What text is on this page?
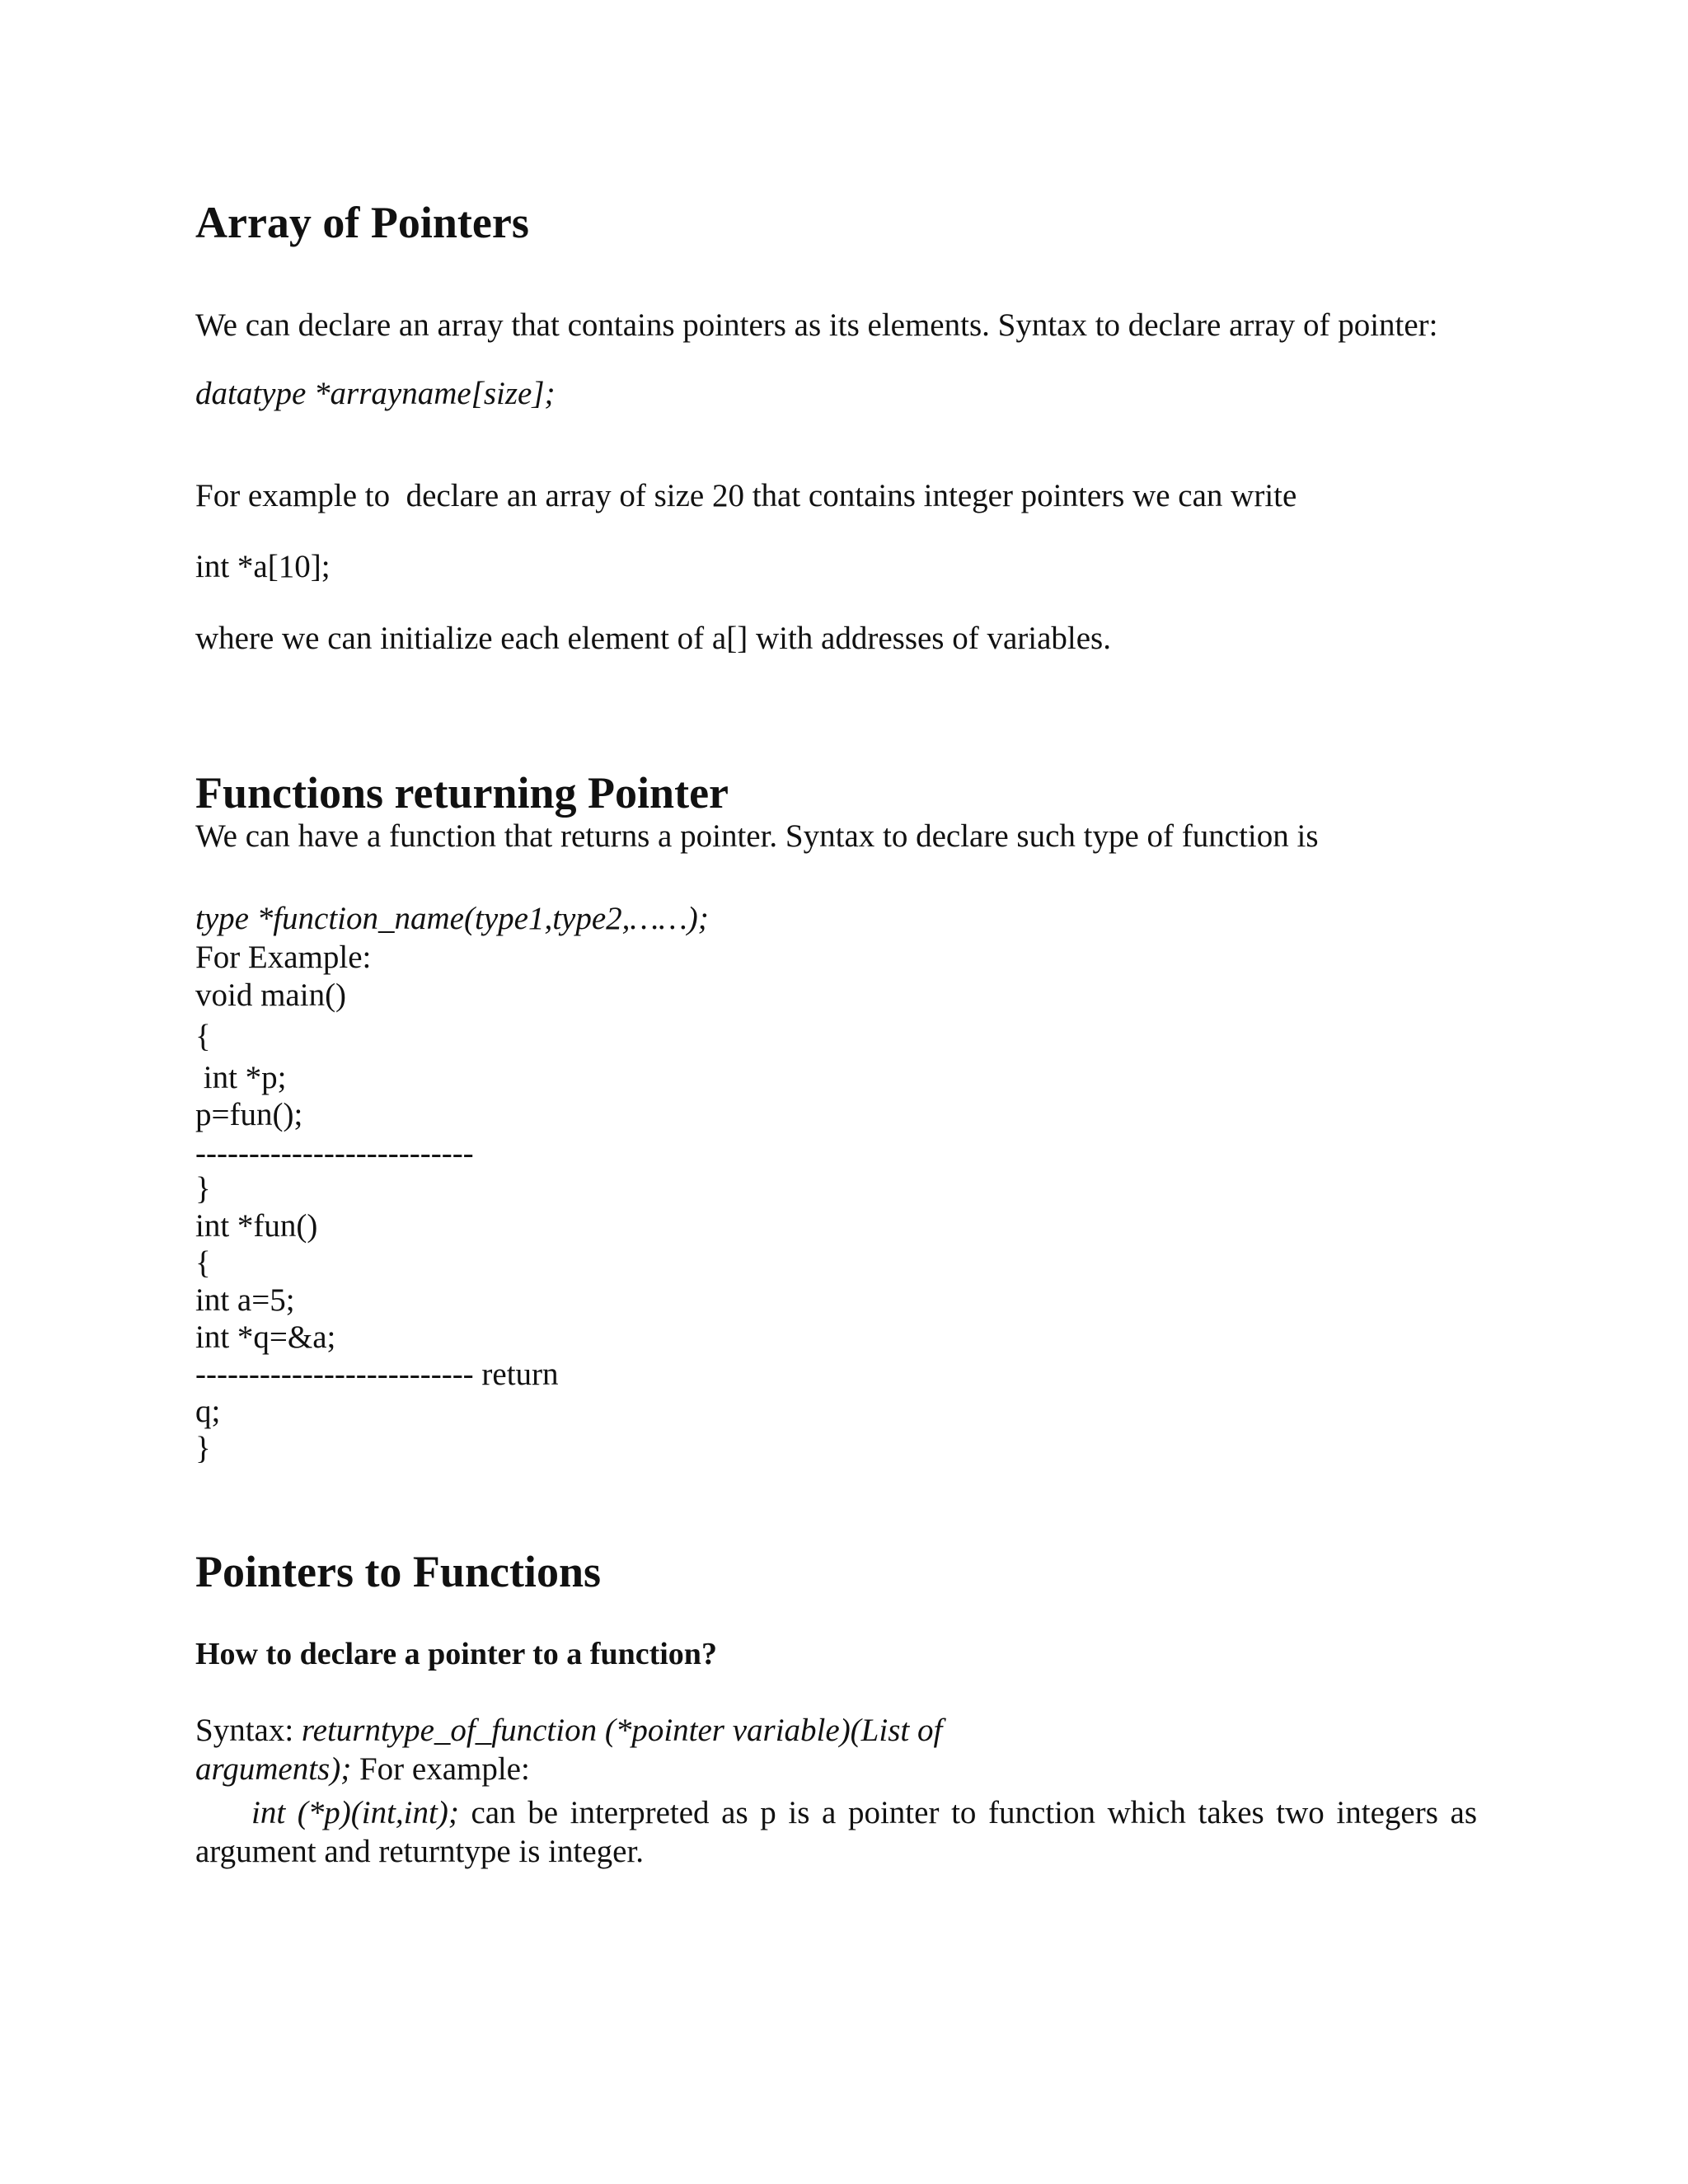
Array of Pointers
We can declare an array that contains pointers as its elements. Syntax to declare array of pointer:
datatype *arrayname[size];
For example to  declare an array of size 20 that contains integer pointers we can write
int *a[10];
where we can initialize each element of a[] with addresses of variables.
Functions returning Pointer
We can have a function that returns a pointer. Syntax to declare such type of function is
type *function_name(type1,type2,……);
For Example:
void main()
{
int *p;
p=fun();
--------------------------
}
int *fun()
{
int a=5;
int *q=&a;
-------------------------- return
q;
}
Pointers to Functions
How to declare a pointer to a function?
Syntax: returntype_of_function (*pointer variable)(List of
arguments); For example:
int (*p)(int,int); can be interpreted as p is a pointer to function which takes two integers as argument and returntype is integer.
